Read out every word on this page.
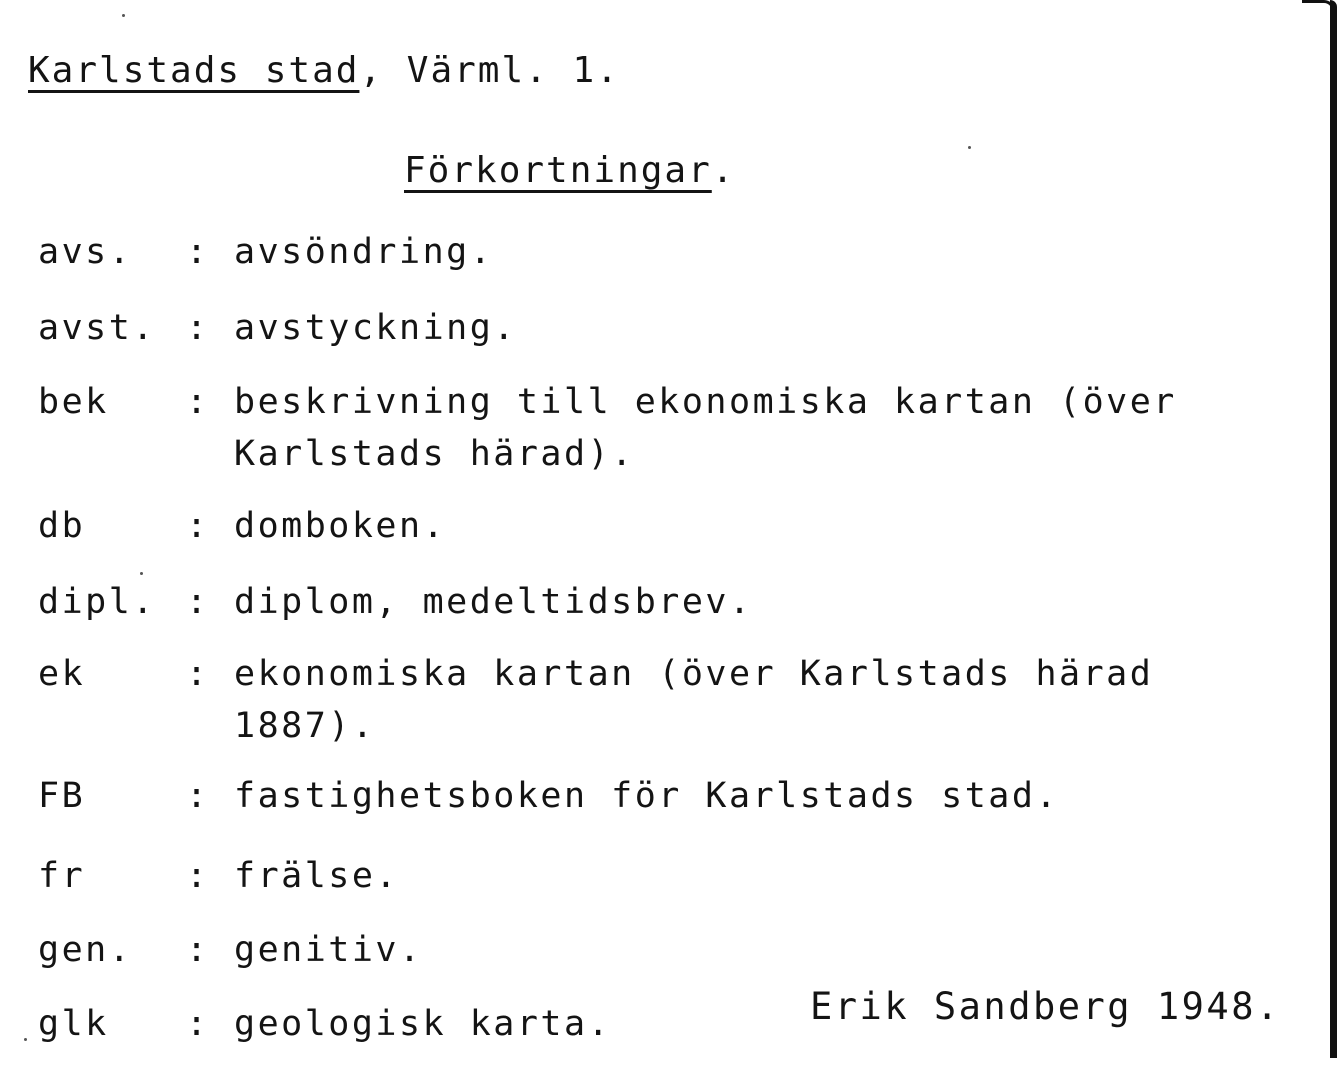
Karlstads stad, Värml. 1.
Förkortningar.
avs. : avsöndring.
avst. : avstyckning.
bek : beskrivning till ekonomiska kartan (över Karlstads härad).
db	: domboken.
dipl. : diplom, medeltidsbrev.
ek	: ekonomiska kartan (över Karlstads härad 1887).
FB	: fastighetsboken för Karlstads stad.
fr	: frälse.
gen. : genitiv.
glk : geologisk karta.	Erik Sandberg 1948.
